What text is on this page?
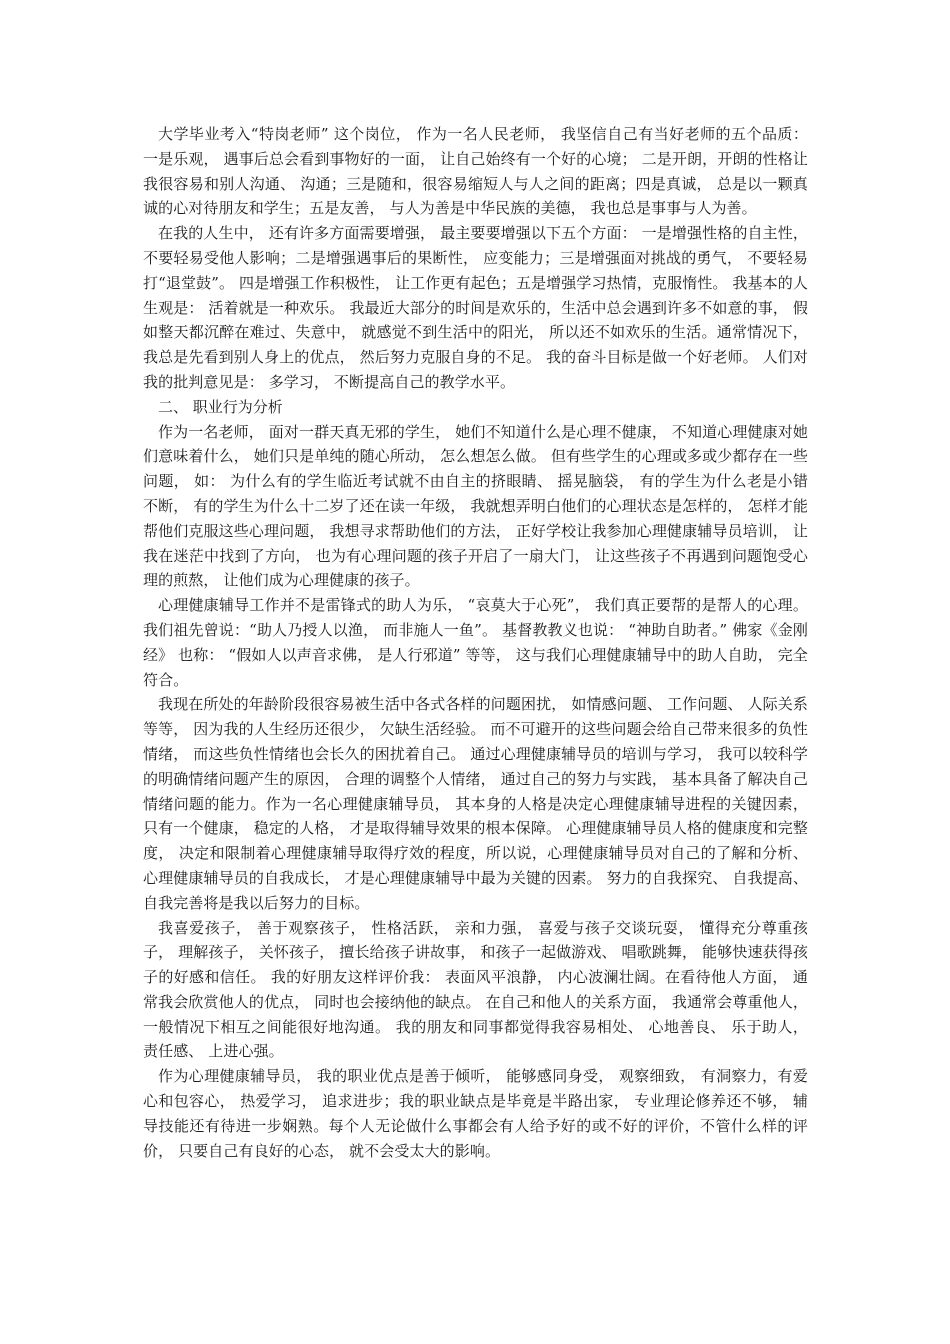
大学毕业考入“特岗老师” 这个岗位， 作为一名人民老师， 我坚信自己有当好老师的五个品质： 一是乐观， 遇事后总会看到事物好的一面， 让自己始终有一个好的心境； 二是开朗，开朗的性格让我很容易和别人沟通、 沟通；三是随和，很容易缩短人与人之间的距离；四是真诚， 总是以一颗真诚的心对待朋友和学生；五是友善， 与人为善是中华民族的美德， 我也总是事事与人为善。

在我的人生中， 还有许多方面需要增强， 最主要要增强以下五个方面： 一是增强性格的自主性， 不要轻易受他人影响；二是增强遇事后的果断性， 应变能力；三是增强面对挑战的勇气， 不要轻易打“退堂鼓”。 四是增强工作积极性， 让工作更有起色；五是增强学习热情，克服惰性。 我基本的人生观是： 活着就是一种欢乐。 我最近大部分的时间是欢乐的，生活中总会遇到许多不如意的事， 假如整天都沉醉在难过、失意中， 就感觉不到生活中的阳光， 所以还不如欢乐的生活。通常情况下， 我总是先看到别人身上的优点， 然后努力克服自身的不足。 我的奋斗目标是做一个好老师。 人们对我的批判意见是： 多学习， 不断提高自己的教学水平。

二、 职业行为分析

作为一名老师， 面对一群天真无邪的学生， 她们不知道什么是心理不健康， 不知道心理健康对她们意味着什么， 她们只是单纯的随心所动， 怎么想怎么做。 但有些学生的心理或多或少都存在一些问题， 如： 为什么有的学生临近考试就不由自主的挤眼睛、 摇晃脑袋， 有的学生为什么老是小错不断， 有的学生为什么十二岁了还在读一年级， 我就想弄明白他们的心理状态是怎样的， 怎样才能帮他们克服这些心理问题， 我想寻求帮助他们的方法， 正好学校让我参加心理健康辅导员培训， 让我在迷茫中找到了方向， 也为有心理问题的孩子开启了一扇大门， 让这些孩子不再遇到问题饱受心理的煎熬， 让他们成为心理健康的孩子。

心理健康辅导工作并不是雷锋式的助人为乐， “哀莫大于心死”， 我们真正要帮的是帮人的心理。 我们祖先曾说：“助人乃授人以渔， 而非施人一鱼”。 基督教教义也说： “神助自助者。” 佛家《金刚经》 也称： “假如人以声音求佛， 是人行邪道” 等等， 这与我们心理健康辅导中的助人自助， 完全符合。

我现在所处的年龄阶段很容易被生活中各式各样的问题困扰， 如情感问题、 工作问题、 人际关系等等， 因为我的人生经历还很少， 欠缺生活经验。 而不可避开的这些问题会给自己带来很多的负性情绪， 而这些负性情绪也会长久的困扰着自己。 通过心理健康辅导员的培训与学习， 我可以较科学的明确情绪问题产生的原因， 合理的调整个人情绪， 通过自己的努力与实践， 基本具备了解决自己情绪问题的能力。作为一名心理健康辅导员， 其本身的人格是决定心理健康辅导进程的关键因素， 只有一个健康， 稳定的人格， 才是取得辅导效果的根本保障。 心理健康辅导员人格的健康度和完整度， 决定和限制着心理健康辅导取得疗效的程度，所以说，心理健康辅导员对自己的了解和分析、 心理健康辅导员的自我成长， 才是心理健康辅导中最为关键的因素。 努力的自我探究、 自我提高、 自我完善将是我以后努力的目标。

我喜爱孩子， 善于观察孩子， 性格活跃， 亲和力强， 喜爱与孩子交谈玩耍， 懂得充分尊重孩子， 理解孩子， 关怀孩子， 擅长给孩子讲故事， 和孩子一起做游戏、 唱歌跳舞， 能够快速获得孩子的好感和信任。 我的好朋友这样评价我： 表面风平浪静， 内心波澜壮阔。在看待他人方面， 通常我会欣赏他人的优点， 同时也会接纳他的缺点。 在自己和他人的关系方面， 我通常会尊重他人， 一般情况下相互之间能很好地沟通。 我的朋友和同事都觉得我容易相处、 心地善良、 乐于助人， 责任感、 上进心强。

作为心理健康辅导员， 我的职业优点是善于倾听， 能够感同身受， 观察细致， 有洞察力，有爱心和包容心， 热爱学习， 追求进步；我的职业缺点是毕竟是半路出家， 专业理论修养还不够， 辅导技能还有待进一步娴熟。每个人无论做什么事都会有人给予好的或不好的评价，不管什么样的评价， 只要自己有良好的心态， 就不会受太大的影响。
